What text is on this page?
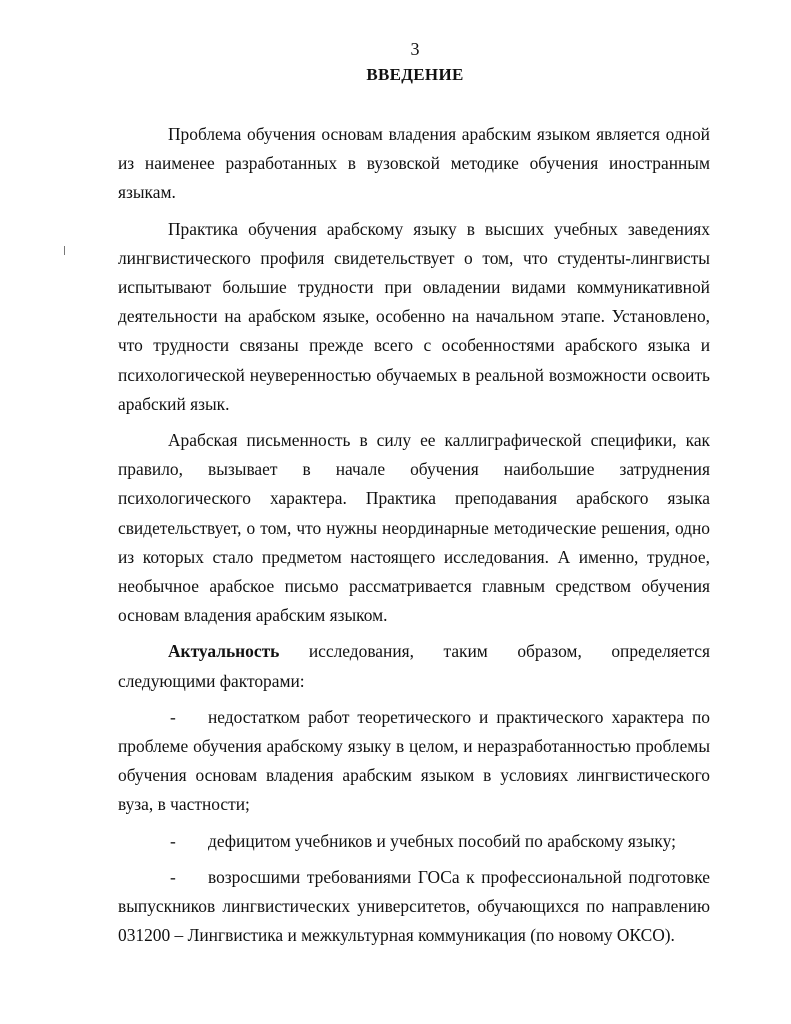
3
ВВЕДЕНИЕ

Проблема обучения основам владения арабским языком является одной из наименее разработанных в вузовской методике обучения иностранным языкам.

Практика обучения арабскому языку в высших учебных заведениях лингвистического профиля свидетельствует о том, что студенты-лингвисты испытывают большие трудности при овладении видами коммуникативной деятельности на арабском языке, особенно на начальном этапе. Установлено, что трудности связаны прежде всего с особенностями арабского языка и психологической неуверенностью обучаемых в реальной возможности освоить арабский язык.

Арабская письменность в силу ее каллиграфической специфики, как правило, вызывает в начале обучения наибольшие затруднения психологического характера. Практика преподавания арабского языка свидетельствует, о том, что нужны неординарные методические решения, одно из которых стало предметом настоящего исследования. А именно, трудное, необычное арабское письмо рассматривается главным средством обучения основам владения арабским языком.

Актуальность исследования, таким образом, определяется следующими факторами:

- недостатком работ теоретического и практического характера по проблеме обучения арабскому языку в целом, и неразработанностью проблемы обучения основам владения арабским языком в условиях лингвистического вуза, в частности;

- дефицитом учебников и учебных пособий по арабскому языку;

- возросшими требованиями ГОСа к профессиональной подготовке выпускников лингвистических университетов, обучающихся по направлению 031200 – Лингвистика и межкультурная коммуникация (по новому ОКСО).
